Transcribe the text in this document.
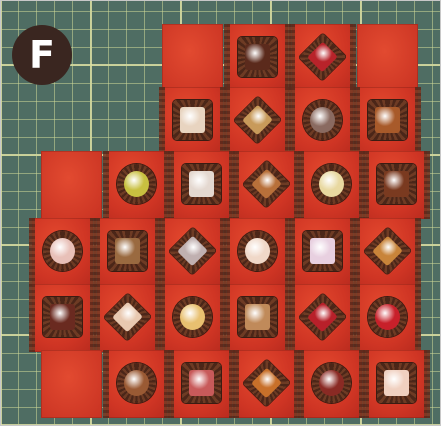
F
